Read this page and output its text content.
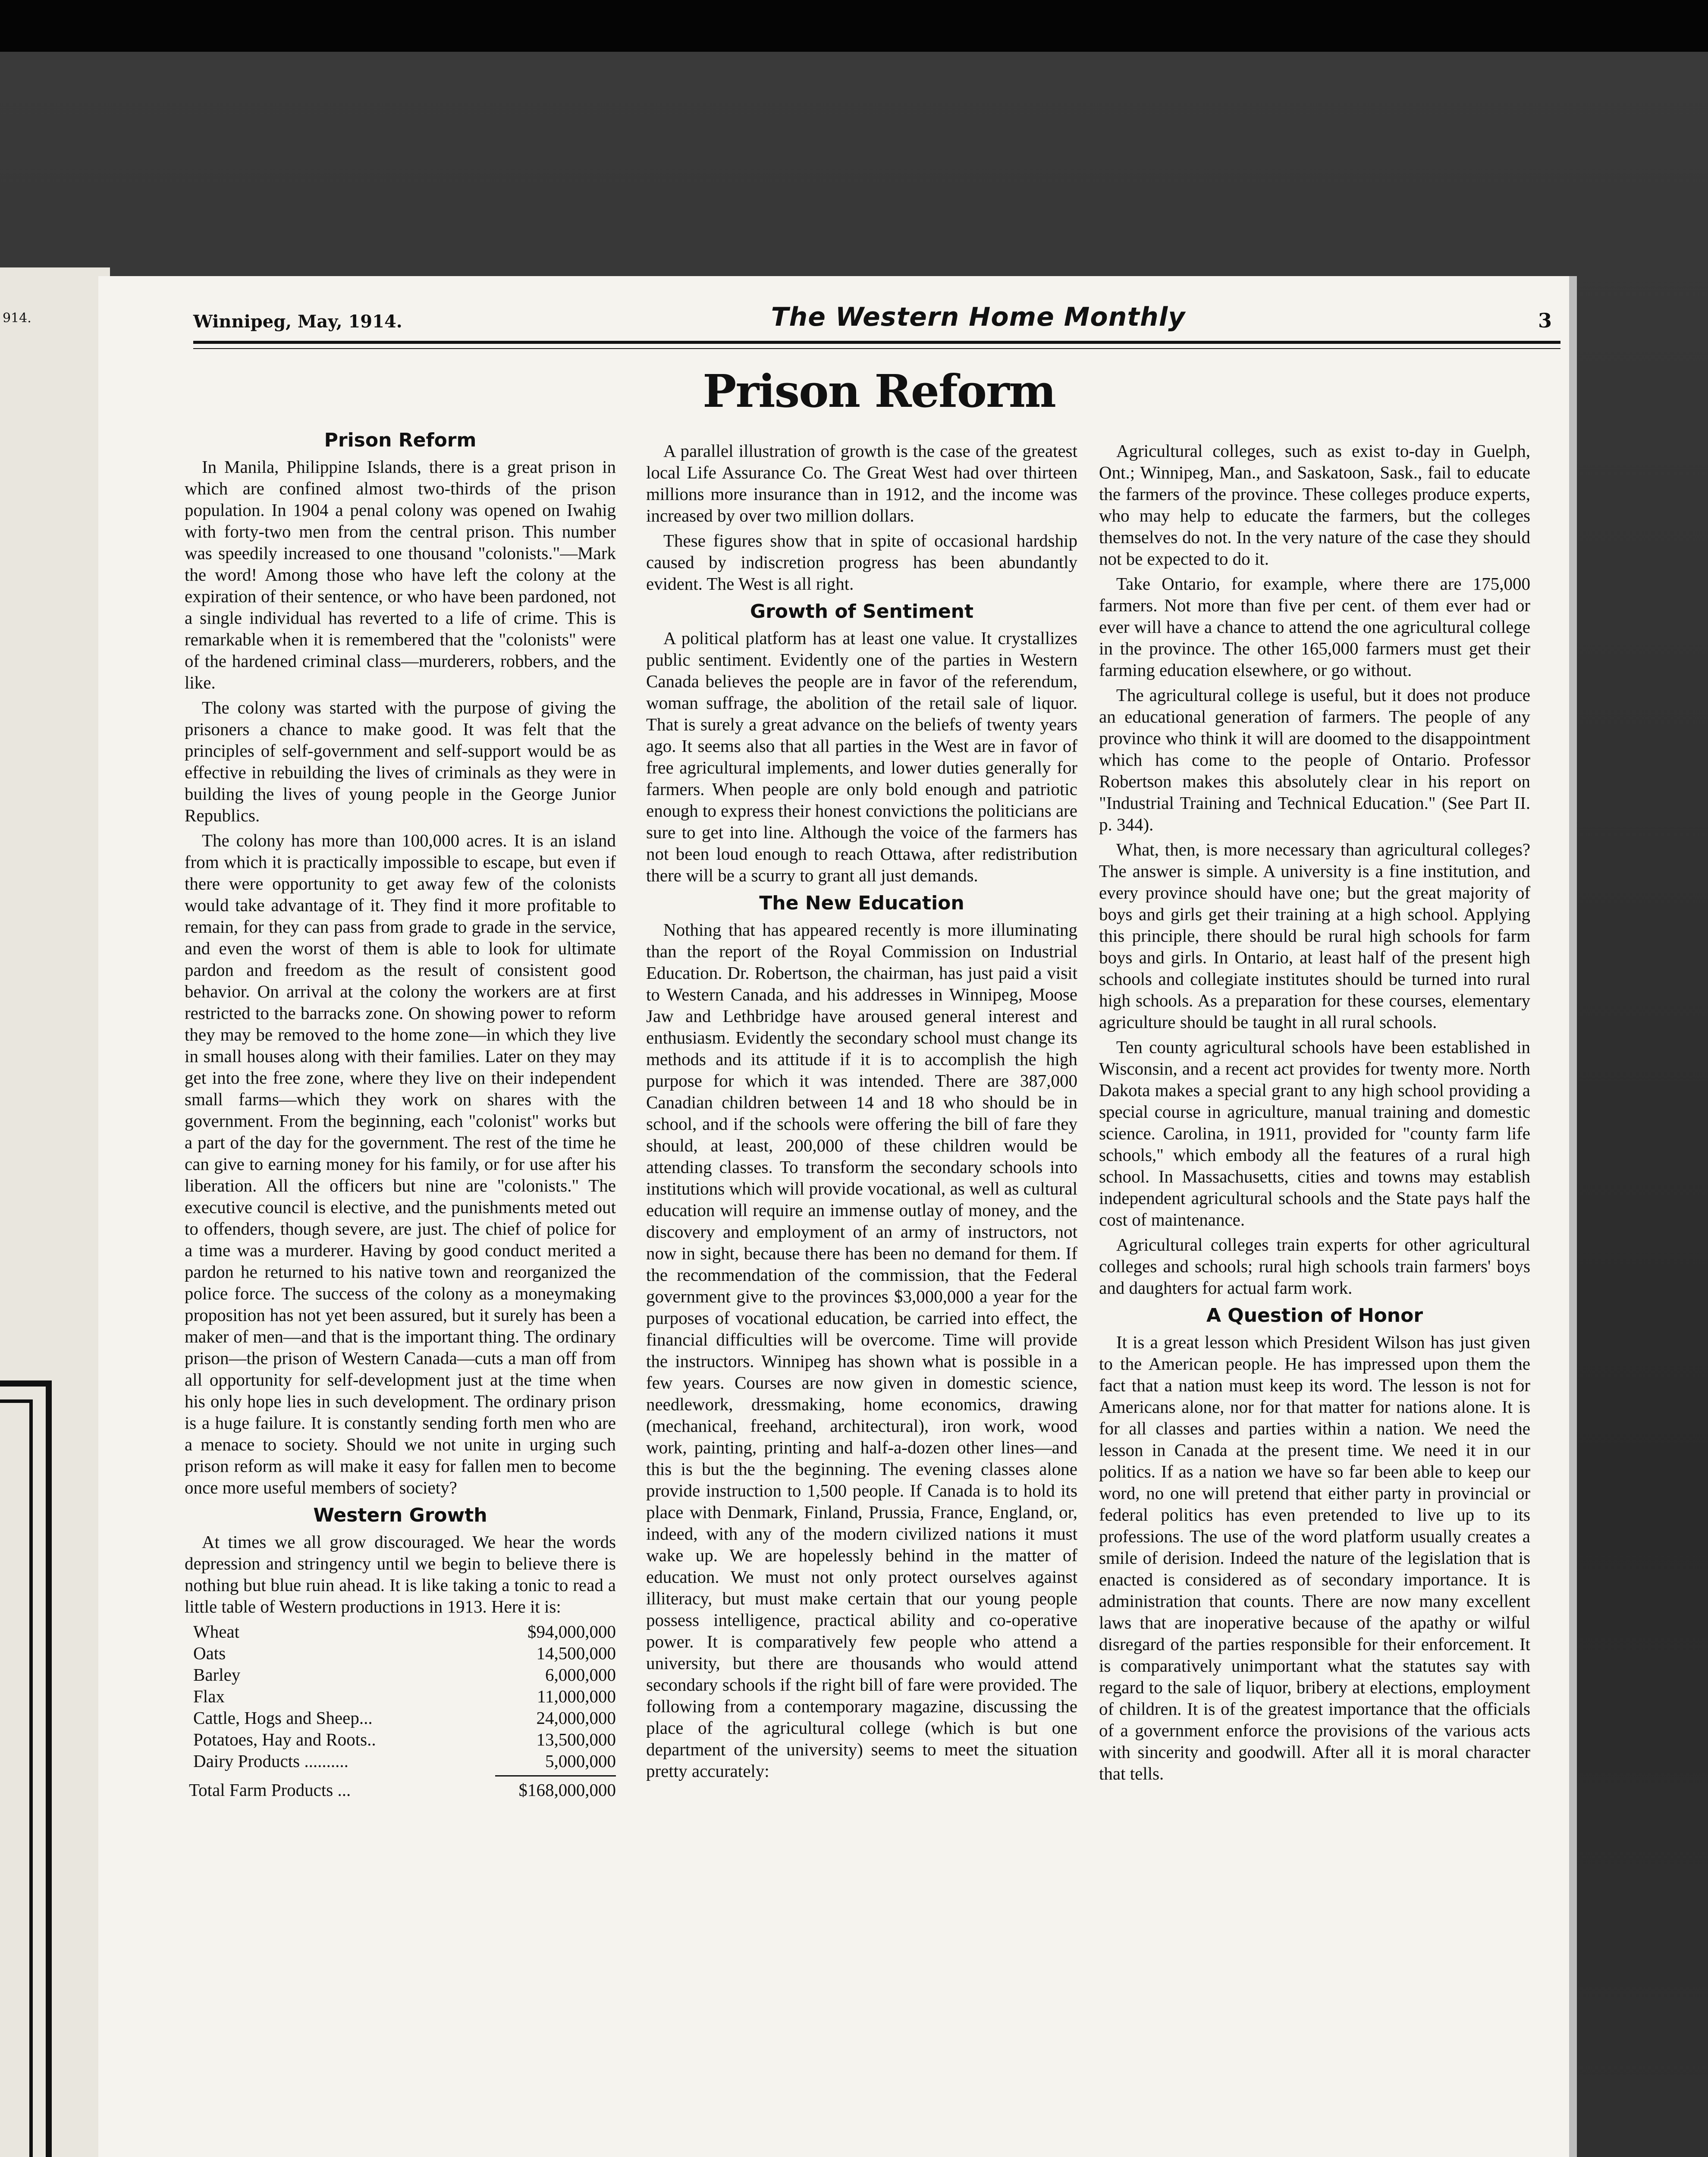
914.	Winnipeg, May, 1914.	The Western Home Monthly	3
Prison Reform
Prison Reform

In Manila, Philippine Islands, there is a great prison in which are confined almost two-thirds of the prison population. In 1904 a penal colony was opened on Iwahig with forty-two men from the central prison. This number was speedily increased to one thousand "colonists."—Mark the word! Among those who have left the colony at the expiration of their sentence, or who have been pardoned, not a single individual has reverted to a life of crime. This is remarkable when it is remembered that the "colonists" were of the hardened criminal class—murderers, robbers, and the like.

The colony was started with the purpose of giving the prisoners a chance to make good. It was felt that the principles of self-government and self-support would be as effective in rebuilding the lives of criminals as they were in building the lives of young people in the George Junior Republics.

The colony has more than 100,000 acres. It is an island from which it is practically impossible to escape, but even if there were opportunity to get away few of the colonists would take advantage of it. They find it more profitable to remain, for they can pass from grade to grade in the service, and even the worst of them is able to look for ultimate pardon and freedom as the result of consistent good behavior. On arrival at the colony the workers are at first restricted to the barracks zone. On showing power to reform they may be removed to the home zone—in which they live in small houses along with their families. Later on they may get into the free zone, where they live on their independent small farms—which they work on shares with the government. From the beginning, each "colonist" works but a part of the day for the government. The rest of the time he can give to earning money for his family, or for use after his liberation. All the officers but nine are "colonists." The executive council is elective, and the punishments meted out to offenders, though severe, are just. The chief of police for a time was a murderer. Having by good conduct merited a pardon he returned to his native town and reorganized the police force. The success of the colony as a moneymaking proposition has not yet been assured, but it surely has been a maker of men—and that is the important thing. The ordinary prison—the prison of Western Canada—cuts a man off from all opportunity for self-development just at the time when his only hope lies in such development. The ordinary prison is a huge failure. It is constantly sending forth men who are a menace to society. Should we not unite in urging such prison reform as will make it easy for fallen men to become once more useful members of society?

Western Growth

At times we all grow discouraged. We hear the words depression and stringency until we begin to believe there is nothing but blue ruin ahead. It is like taking a tonic to read a little table of Western productions in 1913. Here it is:

Wheat	$94,000,000
Oats	14,500,000
Barley	6,000,000
Flax	11,000,000
Cattle, Hogs and Sheep...	24,000,000
Potatoes, Hay and Roots..	13,500,000
Dairy Products ..........	5,000,000
Total Farm Products ...	$168,000,000

A parallel illustration of growth is the case of the greatest local Life Assurance Co. The Great West had over thirteen millions more insurance than in 1912, and the income was increased by over two million dollars.

These figures show that in spite of occasional hardship caused by indiscretion progress has been abundantly evident. The West is all right.

Growth of Sentiment

A political platform has at least one value. It crystallizes public sentiment. Evidently one of the parties in Western Canada believes the people are in favor of the referendum, woman suffrage, the abolition of the retail sale of liquor. That is surely a great advance on the beliefs of twenty years ago. It seems also that all parties in the West are in favor of free agricultural implements, and lower duties generally for farmers. When people are only bold enough and patriotic enough to express their honest convictions the politicians are sure to get into line. Although the voice of the farmers has not been loud enough to reach Ottawa, after redistribution there will be a scurry to grant all just demands.

The New Education

Nothing that has appeared recently is more illuminating than the report of the Royal Commission on Industrial Education. Dr. Robertson, the chairman, has just paid a visit to Western Canada, and his addresses in Winnipeg, Moose Jaw and Lethbridge have aroused general interest and enthusiasm. Evidently the secondary school must change its methods and its attitude if it is to accomplish the high purpose for which it was intended. There are 387,000 Canadian children between 14 and 18 who should be in school, and if the schools were offering the bill of fare they should, at least, 200,000 of these children would be attending classes. To transform the secondary schools into institutions which will provide vocational, as well as cultural education will require an immense outlay of money, and the discovery and employment of an army of instructors, not now in sight, because there has been no demand for them. If the recommendation of the commission, that the Federal government give to the provinces $3,000,000 a year for the purposes of vocational education, be carried into effect, the financial difficulties will be overcome. Time will provide the instructors. Winnipeg has shown what is possible in a few years. Courses are now given in domestic science, needlework, dressmaking, home economics, drawing (mechanical, freehand, architectural), iron work, wood work, painting, printing and half-a-dozen other lines—and this is but the the beginning. The evening classes alone provide instruction to 1,500 people. If Canada is to hold its place with Denmark, Finland, Prussia, France, England, or, indeed, with any of the modern civilized nations it must wake up. We are hopelessly behind in the matter of education. We must not only protect ourselves against illiteracy, but must make certain that our young people possess intelligence, practical ability and co-operative power. It is comparatively few people who attend a university, but there are thousands who would attend secondary schools if the right bill of fare were provided. The following from a contemporary magazine, discussing the place of the agricultural college (which is but one department of the university) seems to meet the situation pretty accurately:

Agricultural colleges, such as exist to-day in Guelph, Ont.; Winnipeg, Man., and Saskatoon, Sask., fail to educate the farmers of the province. These colleges produce experts, who may help to educate the farmers, but the colleges themselves do not. In the very nature of the case they should not be expected to do it.

Take Ontario, for example, where there are 175,000 farmers. Not more than five per cent. of them ever had or ever will have a chance to attend the one agricultural college in the province. The other 165,000 farmers must get their farming education elsewhere, or go without.

The agricultural college is useful, but it does not produce an educational generation of farmers. The people of any province who think it will are doomed to the disappointment which has come to the people of Ontario. Professor Robertson makes this absolutely clear in his report on "Industrial Training and Technical Education." (See Part II. p. 344).

What, then, is more necessary than agricultural colleges? The answer is simple. A university is a fine institution, and every province should have one; but the great majority of boys and girls get their training at a high school. Applying this principle, there should be rural high schools for farm boys and girls. In Ontario, at least half of the present high schools and collegiate institutes should be turned into rural high schools. As a preparation for these courses, elementary agriculture should be taught in all rural schools.

Ten county agricultural schools have been established in Wisconsin, and a recent act provides for twenty more. North Dakota makes a special grant to any high school providing a special course in agriculture, manual training and domestic science. Carolina, in 1911, provided for "county farm life schools," which embody all the features of a rural high school. In Massachusetts, cities and towns may establish independent agricultural schools and the State pays half the cost of maintenance.

Agricultural colleges train experts for other agricultural colleges and schools; rural high schools train farmers' boys and daughters for actual farm work.

A Question of Honor

It is a great lesson which President Wilson has just given to the American people. He has impressed upon them the fact that a nation must keep its word. The lesson is not for Americans alone, nor for that matter for nations alone. It is for all classes and parties within a nation. We need the lesson in Canada at the present time. We need it in our politics. If as a nation we have so far been able to keep our word, no one will pretend that either party in provincial or federal politics has even pretended to live up to its professions. The use of the word platform usually creates a smile of derision. Indeed the nature of the legislation that is enacted is considered as of secondary importance. It is administration that counts. There are now many excellent laws that are inoperative because of the apathy or wilful disregard of the parties responsible for their enforcement. It is comparatively unimportant what the statutes say with regard to the sale of liquor, bribery at elections, employment of children. It is of the greatest importance that the officials of a government enforce the provisions of the various acts with sincerity and goodwill. After all it is moral character that tells.
